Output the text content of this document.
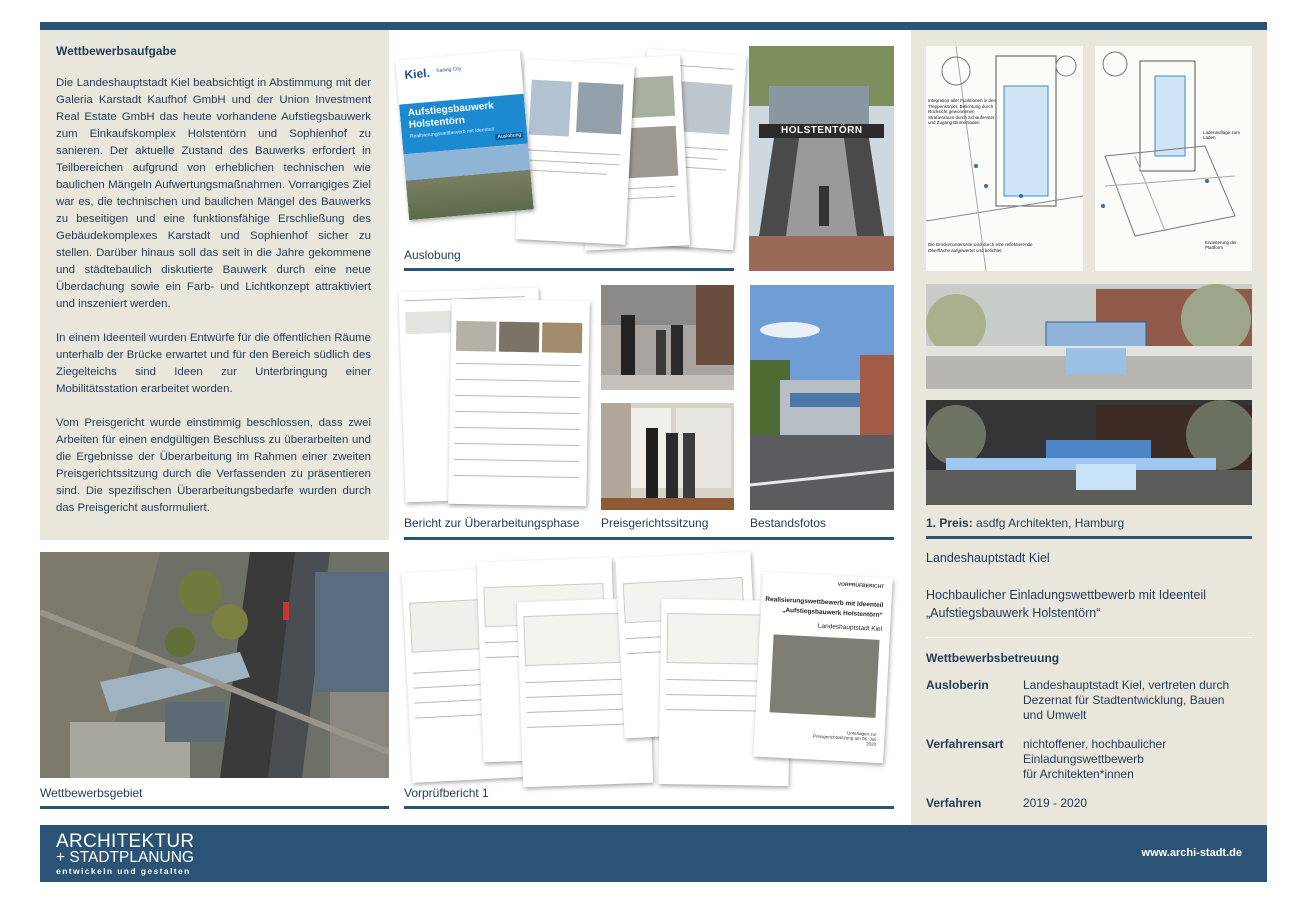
Wettbewerbsaufgabe

Die Landeshauptstadt Kiel beabsichtigt in Abstimmung mit der Galeria Karstadt Kaufhof GmbH und der Union Investment Real Estate GmbH das heute vorhandene Aufstiegsbauwerk zum Einkaufskomplex Holstentörn und Sophienhof zu sanieren. Der aktuelle Zustand des Bauwerks erfordert in Teilbereichen aufgrund von erheblichen technischen wie baulichen Mängeln Aufwertungsmaßnahmen. Vorrangiges Ziel war es, die technischen und baulichen Mängel des Bauwerks zu beseitigen und eine funktionsfähige Erschließung des Gebäudekomplexes Karstadt und Sophienhof sicher zu stellen. Darüber hinaus soll das seit in die Jahre gekommene und städtebaulich diskutierte Bauwerk durch eine neue Überdachung sowie ein Farb- und Lichtkonzept attraktiviert und inszeniert werden.

In einem Ideenteil wurden Entwürfe für die öffentlichen Räume unterhalb der Brücke erwartet und für den Bereich südlich des Ziegelteichs sind Ideen zur Unterbringung einer Mobilitätsstation erarbeitet worden.

Vom Preisgericht wurde einstimmig beschlossen, dass zwei Arbeiten für einen endgültigen Beschluss zu überarbeiten und die Ergebnisse der Überarbeitung im Rahmen einer zweiten Preisgerichtssitzung durch die Verfassenden zu präsentieren sind. Die spezifischen Überarbeitungsbedarfe wurden durch das Preisgericht ausformuliert.

Wettbewerbsgebiet
Kiel. Sailing City
Aufstiegsbauwerk
Holstentörn
Realisierungswettbewerb mit Ideenteil Auslobung
Auslobung
HOLSTENTÖRN
Bericht zur Überarbeitungsphase Preisgerichtssitzung	Bestandsfotos
VORPRÜFBERICHT
Realisierungswettbewerb mit Ideenteil
„Aufstiegsbauwerk Holstentörn“
Landeshauptstadt Kiel
Unterlagen zur Preisgerichtssitzung am 06. Juli 2020
Vorprüfbericht 1
Integration aller Funktionen in den Treppenkörper, Belichtung durch Rücksicht gewonnenen Straßenraum durch Schaufenster und Zugang Blumenladen
Die Brückenunterseite wird durch eine reflektierende Oberfläche aufgewertet und belichtet
Ladenauflage zum Laden
Erweiterung der Plattform
1. Preis: asdfg Architekten, Hamburg
Landeshauptstadt Kiel
Hochbaulicher Einladungswettbewerb mit Ideenteil
„Aufstiegsbauwerk Holstentörn“
Wettbewerbsbetreuung
Ausloberin	Landeshauptstadt Kiel, vertreten durch
Dezernat für Stadtentwicklung, Bauen
und Umwelt
Verfahrensart nichtoffener, hochbaulicher
Einladungswettbewerb
für Architekten*innen
Verfahren	2019 - 2020
ARCHITEKTUR
+ STADTPLANUNG
entwickeln und gestalten
www.archi-stadt.de
